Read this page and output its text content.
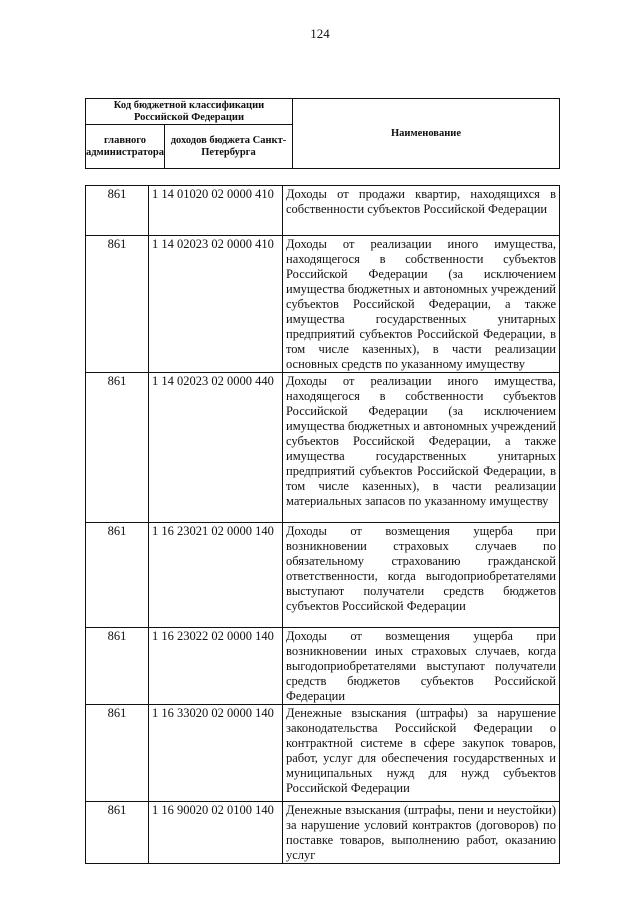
124
Код бюджетной классификации Российской Федерации		Наименование
главного администратора	доходов бюджета Санкт-Петербурга	
861	1 14 01020 02 0000 410	Доходы от продажи квартир, находящихся в собственности субъектов Российской Федерации
861	1 14 02023 02 0000 410	Доходы от реализации иного имущества, находящегося в собственности субъектов Российской Федерации (за исключением имущества бюджетных и автономных учреждений субъектов Российской Федерации, а также имущества государственных унитарных предприятий субъектов Российской Федерации, в том числе казенных), в части реализации основных средств по указанному имуществу
861	1 14 02023 02 0000 440	Доходы от реализации иного имущества, находящегося в собственности субъектов Российской Федерации (за исключением имущества бюджетных и автономных учреждений субъектов Российской Федерации, а также имущества государственных унитарных предприятий субъектов Российской Федерации, в том числе казенных), в части реализации материальных запасов по указанному имуществу
861	1 16 23021 02 0000 140	Доходы от возмещения ущерба при возникновении страховых случаев по обязательному страхованию гражданской ответственности, когда выгодоприобретателями выступают получатели средств бюджетов субъектов Российской Федерации
861	1 16 23022 02 0000 140	Доходы от возмещения ущерба при возникновении иных страховых случаев, когда выгодоприобретателями выступают получатели средств бюджетов субъектов Российской Федерации
861	1 16 33020 02 0000 140	Денежные взыскания (штрафы) за нарушение законодательства Российской Федерации о контрактной системе в сфере закупок товаров, работ, услуг для обеспечения государственных и муниципальных нужд для нужд субъектов Российской Федерации
861	1 16 90020 02 0100 140	Денежные взыскания (штрафы, пени и неустойки) за нарушение условий контрактов (договоров) по поставке товаров, выполнению работ, оказанию услуг
